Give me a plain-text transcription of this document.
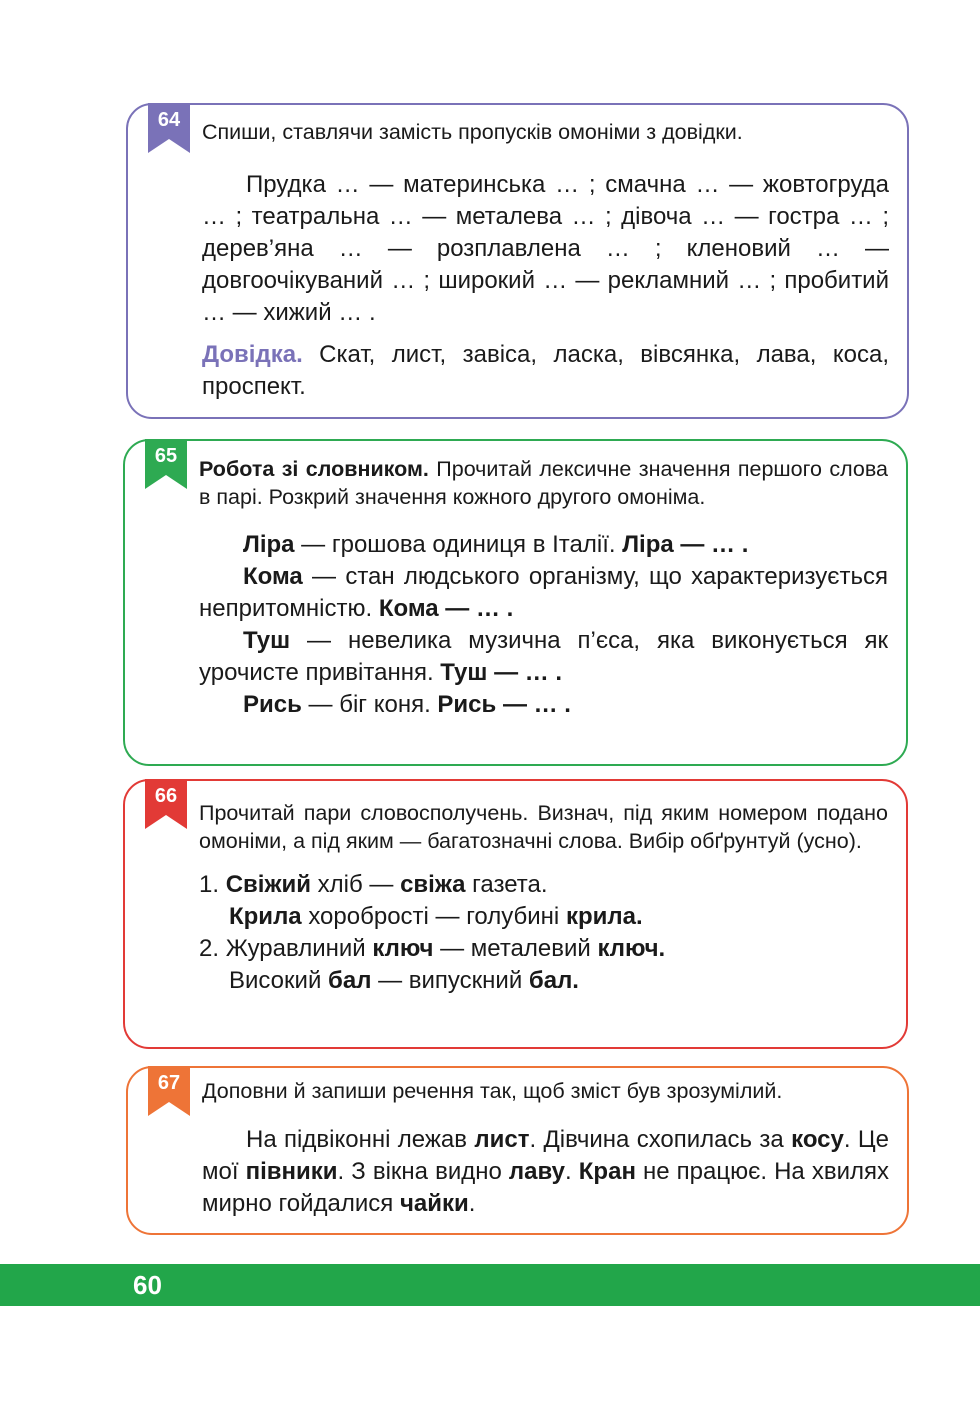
64	Спиши, ставлячи замість пропусків омоніми з довідки.

Прудка … — материнська … ; смачна … — жовтогруда … ; театральна … — металева … ; дівоча … — гостра … ; дерев’яна … — розплавлена … ; кленовий … — довгоочікуваний … ; широкий … — рекламний … ; пробитий … — хижий … .

Довідка. Скат, лист, завіса, ласка, вівсянка, лава, коса, проспект.

65

Робота зі словником. Прочитай лексичне значення першого слова в парі. Розкрий значення кожного другого омоніма.

Ліра — грошова одиниця в Італії. Ліра — … .

Кома — стан людського організму, що характеризується непритомністю. Кома — … .

Туш — невелика музична п’єса, яка виконується як урочисте привітання. Туш — … .

Рись — біг коня. Рись — … .

66

Прочитай пари словосполучень. Визнач, під яким номером подано омоніми, а під яким — багатозначні слова. Вибір обґрунтуй (усно).

1. Свіжий хліб — свіжа газета.

Крила хоробрості — голубині крила.

2. Журавлиний ключ — металевий ключ.

Високий бал — випускний бал.

67	Доповни й запиши речення так, щоб зміст був зрозумілий.

На підвіконні лежав лист. Дівчина схопилась за косу. Це мої півники. З вікна видно лаву. Кран не працює. На хвилях мирно гойдалися чайки.

60
